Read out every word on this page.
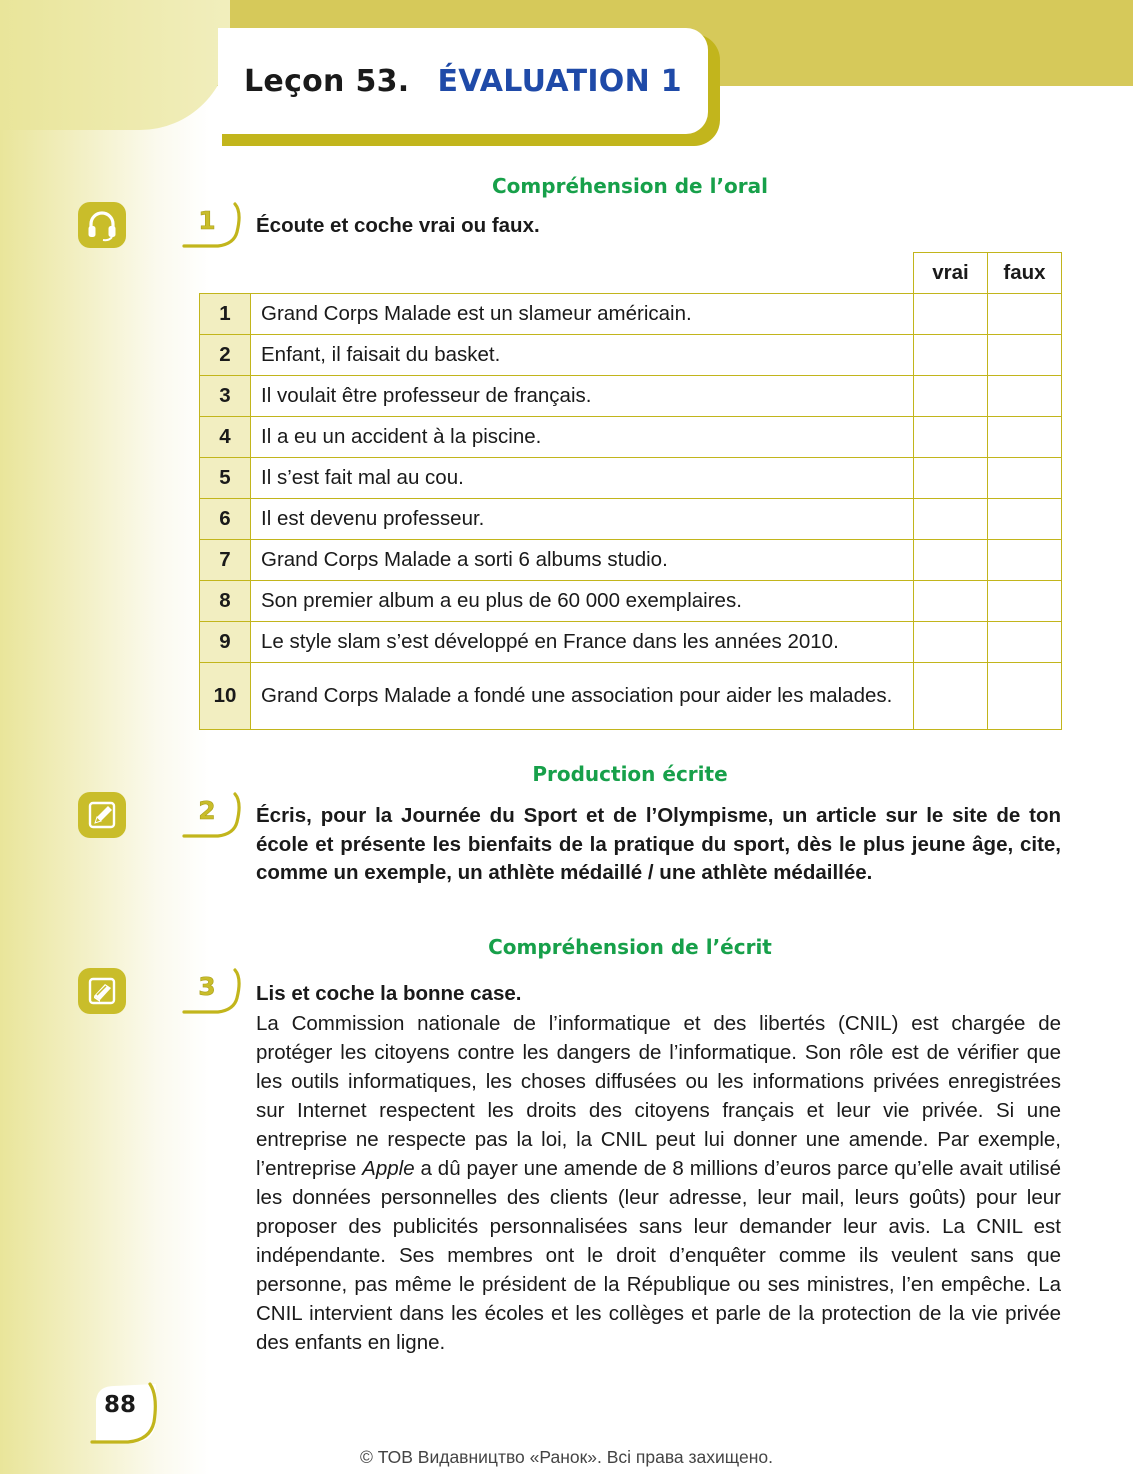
Leçon 53. ÉVALUATION 1
Compréhension de l’oral
1 Écoute et coche vrai ou faux.

		vrai	faux
1	Grand Corps Malade est un slameur américain.		
2	Enfant, il faisait du basket.		
3	Il voulait être professeur de français.		
4	Il a eu un accident à la piscine.		
5	Il s’est fait mal au cou.		
6	Il est devenu professeur.		
7	Grand Corps Malade a sorti 6 albums studio.		
8	Son premier album a eu plus de 60 000 exemplaires.		
9	Le style slam s’est développé en France dans les années 2010.		
10	Grand Corps Malade a fondé une association pour aider les malades.		
Production écrite
2 Écris, pour la Journée du Sport et de l’Olympisme, un article sur le site de ton école et présente les bienfaits de la pratique du sport, dès le plus jeune âge, cite, comme un exemple, un athlète médaillé / une athlète médaillée.

Compréhension de l’écrit
3 Lis et coche la bonne case.

La Commission nationale de l’informatique et des libertés (CNIL) est chargée de protéger les citoyens contre les dangers de l’informatique. Son rôle est de vérifier que les outils informatiques, les choses diffusées ou les informations privées enregistrées sur Internet respectent les droits des citoyens français et leur vie privée. Si une entreprise ne respecte pas la loi, la CNIL peut lui donner une amende. Par exemple, l’entreprise Apple a dû payer une amende de 8 millions d’euros parce qu’elle avait utilisé les données personnelles des clients (leur adresse, leur mail, leurs goûts) pour leur proposer des publicités personnalisées sans leur demander leur avis. La CNIL est indépendante. Ses membres ont le droit d’enquêter comme ils veulent sans que personne, pas même le président de la République ou ses ministres, l’en empêche. La CNIL intervient dans les écoles et les collèges et parle de la protection de la vie privée des enfants en ligne.

88
© ТОВ Видавництво «Ранок». Всі права захищено.
